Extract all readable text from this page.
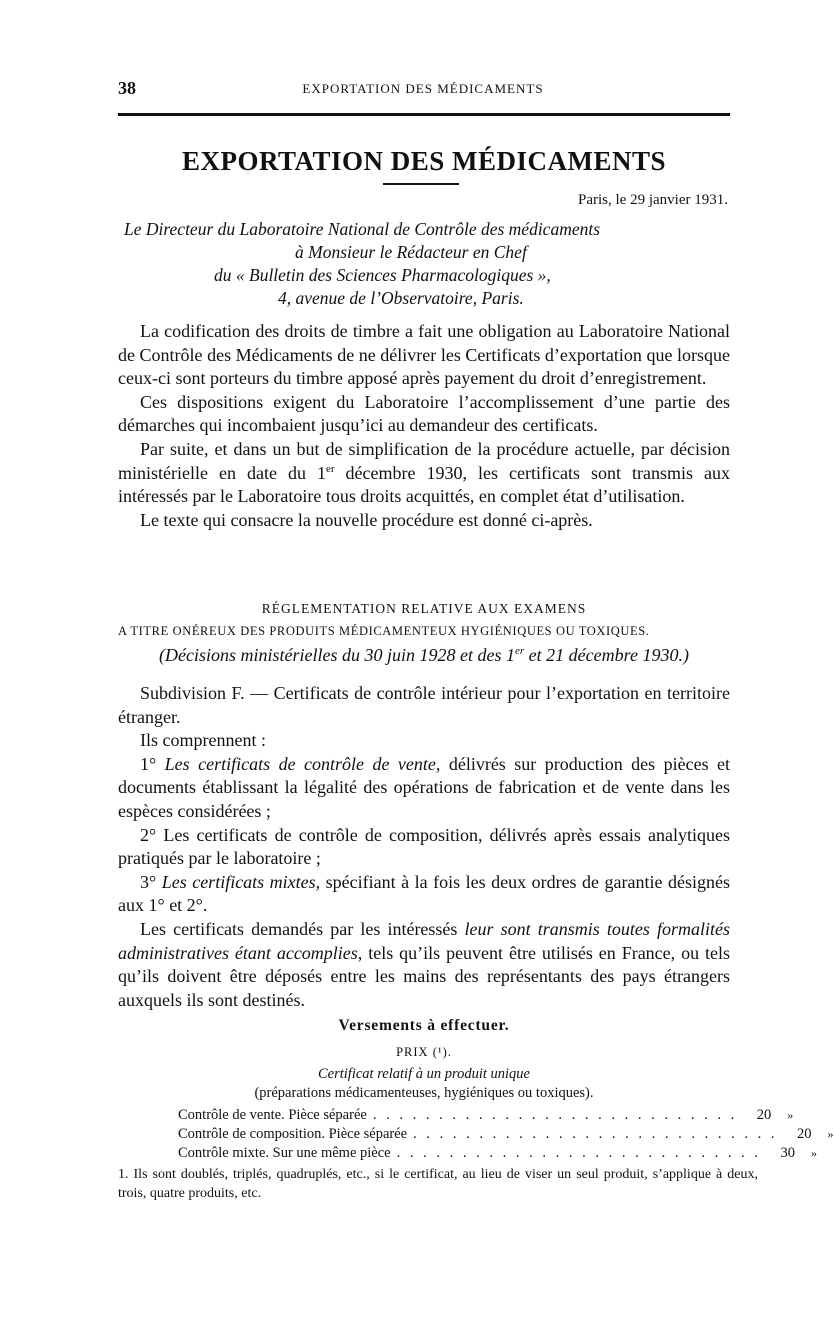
38	EXPORTATION DES MÉDICAMENTS
EXPORTATION DES MÉDICAMENTS
Paris, le 29 janvier 1931.
Le Directeur du Laboratoire National de Contrôle des médicaments
à Monsieur le Rédacteur en Chef
du « Bulletin des Sciences Pharmacologiques »,
4, avenue de l’Observatoire, Paris.

La codification des droits de timbre a fait une obligation au Laboratoire National de Contrôle des Médicaments de ne délivrer les Certificats d’exportation que lorsque ceux-ci sont porteurs du timbre apposé après payement du droit d’enregistrement.

Ces dispositions exigent du Laboratoire l’accomplissement d’une partie des démarches qui incombaient jusqu’ici au demandeur des certificats.

Par suite, et dans un but de simplification de la procédure actuelle, par décision ministérielle en date du 1er décembre 1930, les certificats sont transmis aux intéressés par le Laboratoire tous droits acquittés, en complet état d’utilisation.

Le texte qui consacre la nouvelle procédure est donné ci-après.

RÉGLEMENTATION RELATIVE AUX EXAMENS
A TITRE ONÉREUX DES PRODUITS MÉDICAMENTEUX HYGIÉNIQUES OU TOXIQUES.
(Décisions ministérielles du 30 juin 1928 et des 1er et 21 décembre 1930.)

Subdivision F. — Certificats de contrôle intérieur pour l’exportation en territoire étranger.

Ils comprennent :

1° Les certificats de contrôle de vente, délivrés sur production des pièces et documents établissant la légalité des opérations de fabrication et de vente dans les espèces considérées ;

2° Les certificats de contrôle de composition, délivrés après essais analytiques pratiqués par le laboratoire ;

3° Les certificats mixtes, spécifiant à la fois les deux ordres de garantie désignés aux 1° et 2°.

Les certificats demandés par les intéressés leur sont transmis toutes formalités administratives étant accomplies, tels qu’ils peuvent être utilisés en France, ou tels qu’ils doivent être déposés entre les mains des représentants des pays étrangers auxquels ils sont destinés.

Versements à effectuer.
PRIX (¹).
Certificat relatif à un produit unique
(préparations médicamenteuses, hygiéniques ou toxiques).
Contrôle de vente. Pièce séparée . . . . . . . . . . . . . . . . . . . . . . . . . . . .	20	»
Contrôle de composition. Pièce séparée . . . . . . . . . . . . . . . . . . . . . . . . . . . .	20	»
Contrôle mixte. Sur une même pièce . . . . . . . . . . . . . . . . . . . . . . . . . . . .	30	»
1. Ils sont doublés, triplés, quadruplés, etc., si le certificat, au lieu de viser un seul produit, s’applique à deux, trois, quatre produits, etc.
